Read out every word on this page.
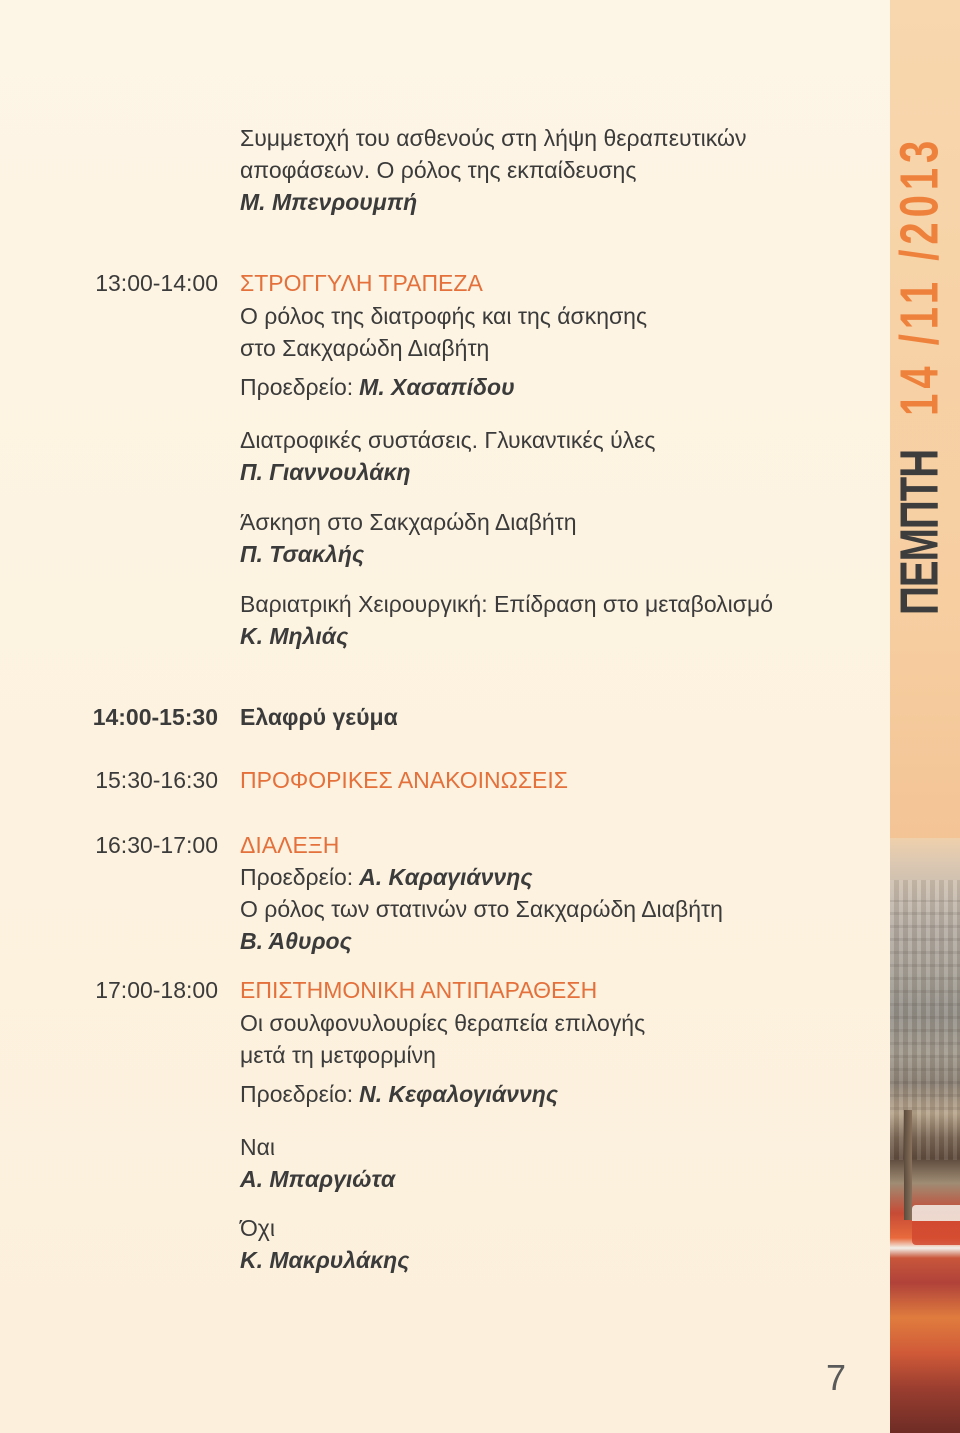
ΠΕΜΠΤΗ14 /11 /2013
Συμμετοχή του ασθενούς στη λήψη θεραπευτικών
αποφάσεων. Ο ρόλος της εκπαίδευσης
Μ. Μπενρουμπή
13:00-14:00 ΣΤΡΟΓΓΥΛΗ ΤΡΑΠΕΖΑ
Ο ρόλος της διατροφής και της άσκησης
στο Σακχαρώδη Διαβήτη
Προεδρείο: Μ. Χασαπίδου
Διατροφικές συστάσεις. Γλυκαντικές ύλες
Π. Γιαννουλάκη
Άσκηση στο Σακχαρώδη Διαβήτη
Π. Τσακλής
Βαριατρική Χειρουργική: Επίδραση στο μεταβολισμό
Κ. Μηλιάς
14:00-15:30 Ελαφρύ γεύμα
15:30-16:30 ΠΡΟΦΟΡΙΚΕΣ ΑΝΑΚΟΙΝΩΣΕΙΣ
16:30-17:00 ΔΙΑΛΕΞΗ
Προεδρείο: Α. Καραγιάννης
Ο ρόλος των στατινών στο Σακχαρώδη Διαβήτη
Β. Άθυρος
17:00-18:00 ΕΠΙΣΤΗΜΟΝΙΚΗ ΑΝΤΙΠΑΡΑΘΕΣΗ
Οι σουλφονυλουρίες θεραπεία επιλογής
μετά τη μετφορμίνη
Προεδρείο: Ν. Κεφαλογιάννης
Ναι
Α. Μπαργιώτα
Όχι
Κ. Μακρυλάκης
7
